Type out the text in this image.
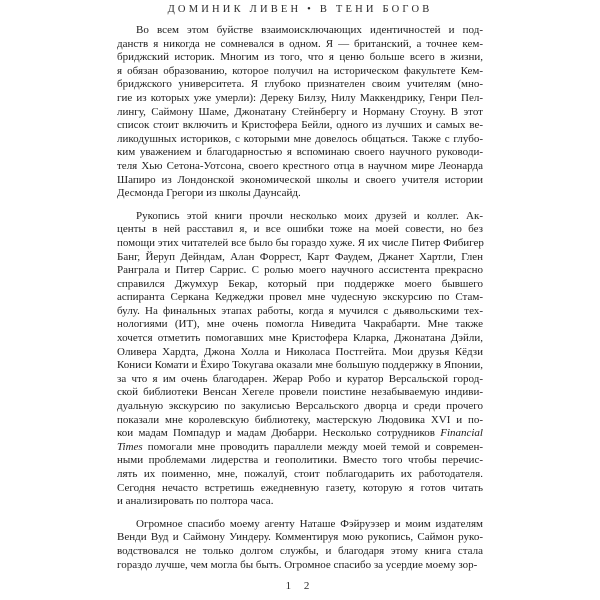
ДОМИНИК ЛИВЕН • В ТЕНИ БОГОВ

Во всем этом буйстве взаимоисключающих идентичностей и под-
данств я никогда не сомневался в одном. Я — британский, а точнее кем-
бриджский историк. Многим из того, что я ценю больше всего в жизни,
я обязан образованию, которое получил на историческом факультете Кем-
бриджского университета. Я глубоко признателен своим учителям (мно-
гие из которых уже умерли): Дереку Билзу, Нилу Маккендрику, Генри Пел-
лингу, Саймону Шаме, Джонатану Стейнбергу и Норману Стоуну. В этот
список стоит включить и Кристофера Бейли, одного из лучших и самых ве-
ликодушных историков, с которыми мне довелось общаться. Также с глубо-
ким уважением и благодарностью я вспоминаю своего научного руководи-
теля Хью Сетона-Уотсона, своего крестного отца в научном мире Леонарда
Шапиро из Лондонской экономической школы и своего учителя истории
Десмонда Грегори из школы Даунсайд.

Рукопись этой книги прочли несколько моих друзей и коллег. Ак-
центы в ней расставил я, и все ошибки тоже на моей совести, но без
помощи этих читателей все было бы гораздо хуже. Я их числе Питер Фибигер
Банг, Йеруп Дейндам, Алан Форрест, Карт Фаудем, Джанет Хартли, Глен
Ранграла и Питер Саррис. С ролью моего научного ассистента прекрасно
справился Джумхур Бекар, который при поддержке моего бывшего
аспиранта Серкана Кеджеджи провел мне чудесную экскурсию по Стам-
булу. На финальных этапах работы, когда я мучился с дьявольскими тех-
нологиями (ИТ), мне очень помогла Ниведита Чакрабарти. Мне также
хочется отметить помогавших мне Кристофера Кларка, Джонатана Дэйли,
Оливера Хардта, Джона Холла и Николаса Постгейта. Мои друзья Кёдзи
Кониси Комати и Ёхиро Токугава оказали мне большую поддержку в Японии,
за что я им очень благодарен. Жерар Робо и куратор Версальской город-
ской библиотеки Венсан Хегеле провели поистине незабываемую индиви-
дуальную экскурсию по закулисью Версальского дворца и среди прочего
показали мне королевскую библиотеку, мастерскую Людовика XVI и по-
кои мадам Помпадур и мадам Дюбарри. Несколько сотрудников Financial
Times помогали мне проводить параллели между моей темой и современ-
ными проблемами лидерства и геополитики. Вместо того чтобы перечис-
лять их поименно, мне, пожалуй, стоит поблагодарить их работодателя.
Сегодня нечасто встретишь ежедневную газету, которую я готов читать
и анализировать по полтора часа.

Огромное спасибо моему агенту Наташе Фэйруэзер и моим издателям
Венди Вуд и Саймону Уиндеру. Комментируя мою рукопись, Саймон руко-
водствовался не только долгом службы, и благодаря этому книга стала
гораздо лучше, чем могла бы быть. Огромное спасибо за усердие моему зор-

1 2
